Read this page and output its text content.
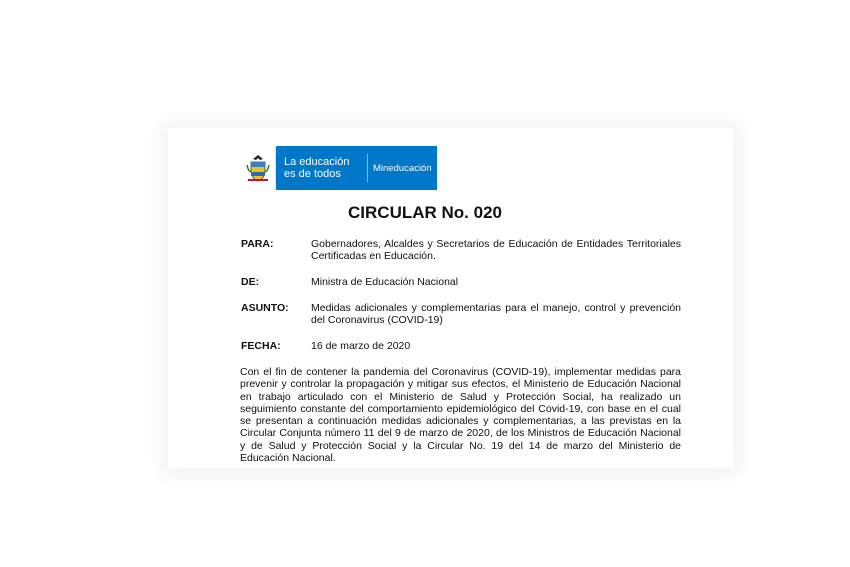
La educación
es de todos	Mineducación
CIRCULAR No. 020
PARA:	Gobernadores, Alcaldes y Secretarios de Educación de Entidades Territoriales Certificadas en Educación.
DE:	Ministra de Educación Nacional
ASUNTO: Medidas adicionales y complementarias para el manejo, control y prevención del Coronavirus (COVID-19)
FECHA:	16 de marzo de 2020
Con el fin de contener la pandemia del Coronavirus (COVID-19), implementar medidas para prevenir y controlar la propagación y mitigar sus efectos, el Ministerio de Educación Nacional en trabajo articulado con el Ministerio de Salud y Protección Social, ha realizado un seguimiento constante del comportamiento epidemiológico del Covid-19, con base en el cual se presentan a continuación medidas adicionales y complementarias, a las previstas en la Circular Conjunta número 11 del 9 de marzo de 2020, de los Ministros de Educación Nacional y de Salud y Protección Social y la Circular No. 19 del 14 de marzo del Ministerio de Educación Nacional.
